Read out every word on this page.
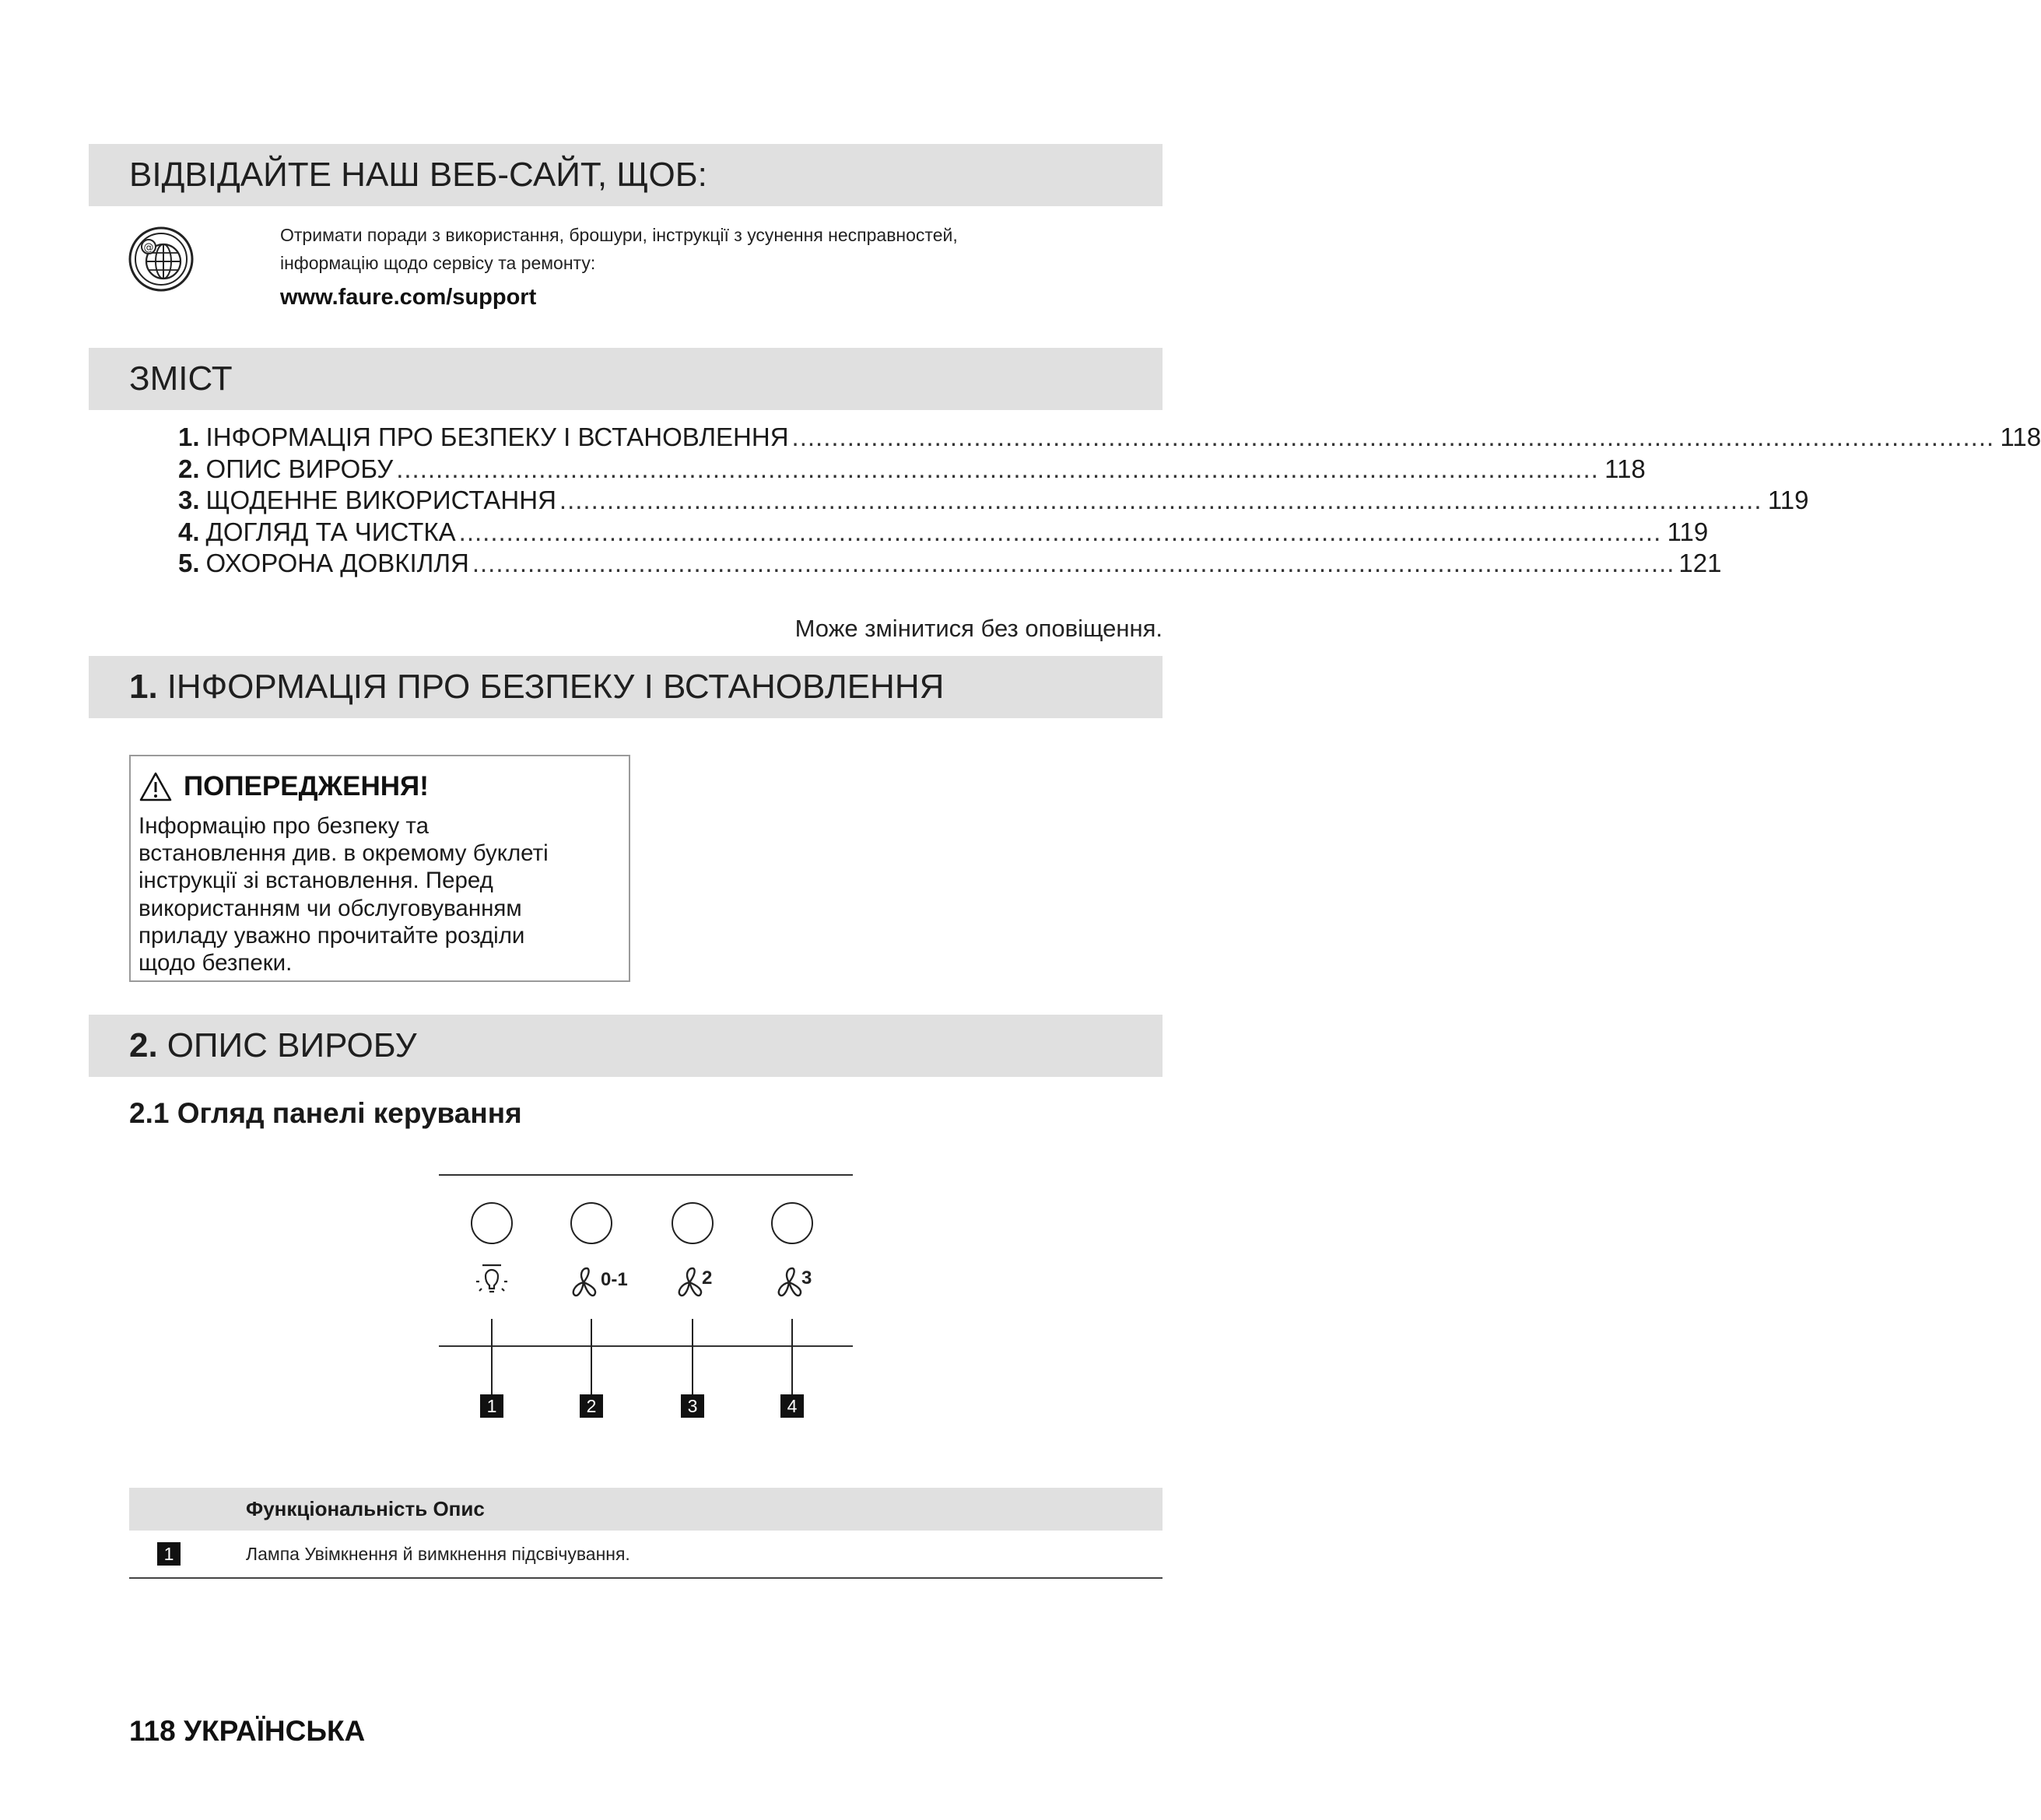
ВІДВІДАЙТЕ НАШ ВЕБ-САЙТ, ЩОБ:
@
Отримати поради з використання, брошури, інструкції з усунення несправностей,
інформацію щодо сервісу та ремонту:
www.faure.com/support
ЗМІСТ
1. ІНФОРМАЦІЯ ПРО БЕЗПЕКУ І ВСТАНОВЛЕННЯ ........................................................................................................................................................ 118
2. ОПИС ВИРОБУ ........................................................................................................................................................ 118
3. ЩОДЕННЕ ВИКОРИСТАННЯ ........................................................................................................................................................ 119
4. ДОГЛЯД ТА ЧИСТКА ........................................................................................................................................................ 119
5. ОХОРОНА ДОВКІЛЛЯ ........................................................................................................................................................ 121
Може змінитися без оповіщення.
1. ІНФОРМАЦІЯ ПРО БЕЗПЕКУ І ВСТАНОВЛЕННЯ
ПОПЕРЕДЖЕННЯ!
Інформацію про безпеку та
встановлення див. в окремому буклеті
інструкції зі встановлення. Перед
використанням чи обслуговуванням
приладу уважно прочитайте розділи
щодо безпеки.
2. ОПИС ВИРОБУ
2.1 Огляд панелі керування
1
0-1
2
2
3
3
4
Функціональність Опис
1	Лампа Увімкнення й вимкнення підсвічування.
118 УКРАЇНСЬКА
